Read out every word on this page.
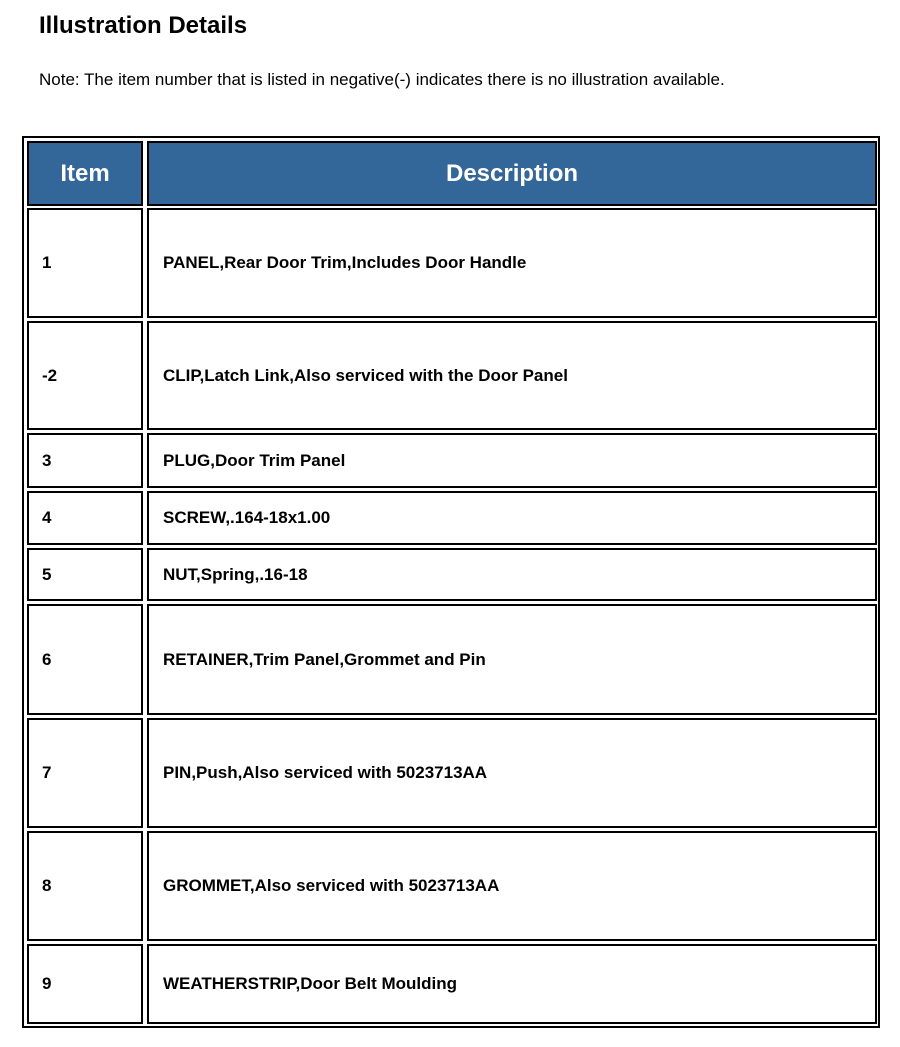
Illustration Details

Note: The item number that is listed in negative(-) indicates there is no illustration available.

Item	Description
1	PANEL,Rear Door Trim,Includes Door Handle
-2	CLIP,Latch Link,Also serviced with the Door Panel
3	PLUG,Door Trim Panel
4	SCREW,.164-18x1.00
5	NUT,Spring,.16-18
6	RETAINER,Trim Panel,Grommet and Pin
7	PIN,Push,Also serviced with 5023713AA
8	GROMMET,Also serviced with 5023713AA
9	WEATHERSTRIP,Door Belt Moulding
